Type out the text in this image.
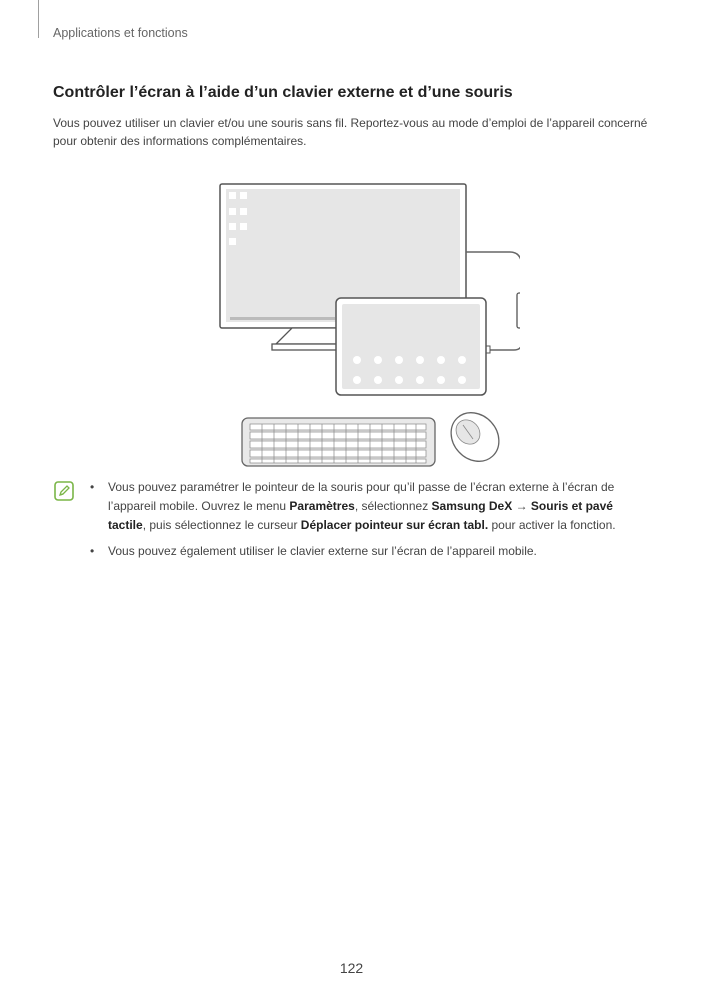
Applications et fonctions
Contrôler l’écran à l’aide d’un clavier externe et d’une souris

Vous pouvez utiliser un clavier et/ou une souris sans fil. Reportez-vous au mode d’emploi de l’appareil concerné pour obtenir des informations complémentaires.

• Vous pouvez paramétrer le pointeur de la souris pour qu’il passe de l’écran externe à l’écran de l’appareil mobile. Ouvrez le menu Paramètres, sélectionnez Samsung DeX → Souris et pavé tactile, puis sélectionnez le curseur Déplacer pointeur sur écran tabl. pour activer la fonction.
• Vous pouvez également utiliser le clavier externe sur l’écran de l’appareil mobile.
122
